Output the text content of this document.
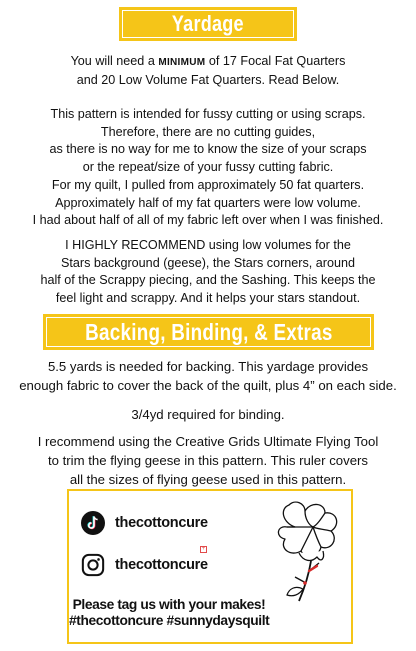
Yardage
You will need a MINIMUM of 17 Focal Fat Quarters
and 20 Low Volume Fat Quarters. Read Below.
This pattern is intended for fussy cutting or using scraps.
Therefore, there are no cutting guides,
as there is no way for me to know the size of your scraps
or the repeat/size of your fussy cutting fabric.
For my quilt, I pulled from approximately 50 fat quarters.
Approximately half of my fat quarters were low volume.
I had about half of all of my fabric left over when I was finished.
I HIGHLY RECOMMEND using low volumes for the
Stars background (geese), the Stars corners, around
half of the Scrappy piecing, and the Sashing. This keeps the
feel light and scrappy. And it helps your stars standout.
Backing, Binding, & Extras
5.5 yards is needed for backing. This yardage provides
enough fabric to cover the back of the quilt, plus 4” on each side.
3/4yd required for binding.
I recommend using the Creative Grids Ultimate Flying Tool
to trim the flying geese in this pattern. This ruler covers
all the sizes of flying geese used in this pattern.
thecottoncure
+
thecottoncure
Please tag us with your makes!
#thecottoncure #sunnydaysquilt
